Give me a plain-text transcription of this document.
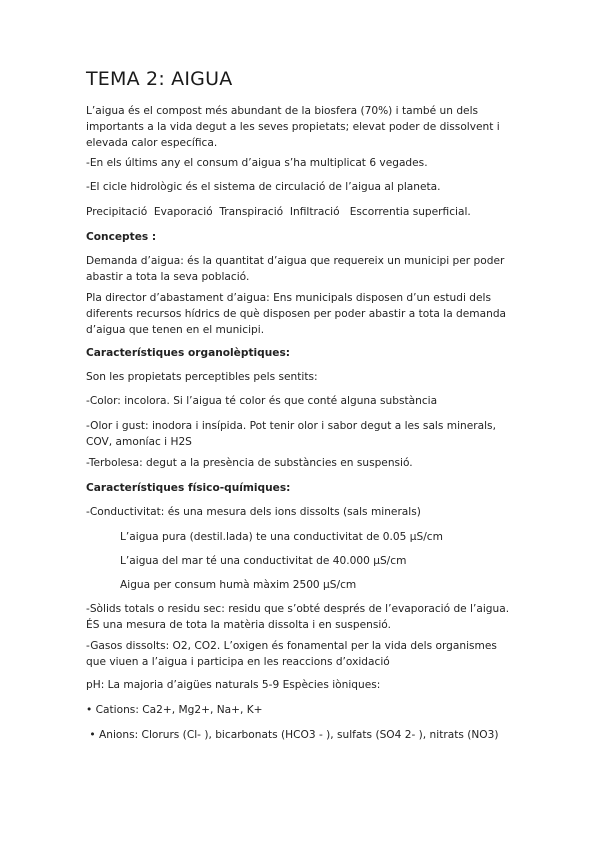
TEMA 2: AIGUA

L’aigua és el compost més abundant de la biosfera (70%) i també un dels importants a la vida degut a les seves propietats; elevat poder de dissolvent i elevada calor específica.

-En els últims any el consum d’aigua s’ha multiplicat 6 vegades.

-El cicle hidrològic és el sistema de circulació de l’aigua al planeta.

Precipitació  Evaporació  Transpiració  Infiltració   Escorrentia superficial.

Conceptes :

Demanda d’aigua: és la quantitat d’aigua que requereix un municipi per poder abastir a tota la seva població.

Pla director d’abastament d’aigua: Ens municipals disposen d’un estudi dels diferents recursos hídrics de què disposen per poder abastir a tota la demanda d’aigua que tenen en el municipi.

Característiques organolèptiques:

Son les propietats perceptibles pels sentits:

-Color: incolora. Si l’aigua té color és que conté alguna substància

-Olor i gust: inodora i insípida. Pot tenir olor i sabor degut a les sals minerals, COV, amoníac i H2S

-Terbolesa: degut a la presència de substàncies en suspensió.

Característiques físico-químiques:

-Conductivitat: és una mesura dels ions dissolts (sals minerals)

L’aigua pura (destil.lada) te una conductivitat de 0.05 µS/cm

L’aigua del mar té una conductivitat de 40.000 µS/cm

Aigua per consum humà màxim 2500 µS/cm

-Sòlids totals o residu sec: residu que s’obté després de l’evaporació de l’aigua. ÉS una mesura de tota la matèria dissolta i en suspensió.

-Gasos dissolts: O2, CO2. L’oxigen és fonamental per la vida dels organismes que viuen a l’aigua i participa en les reaccions d’oxidació

pH: La majoria d’aigües naturals 5-9 Espècies iòniques:

• Cations: Ca2+, Mg2+, Na+, K+

• Anions: Clorurs (Cl- ), bicarbonats (HCO3 - ), sulfats (SO4 2- ), nitrats (NO3)
